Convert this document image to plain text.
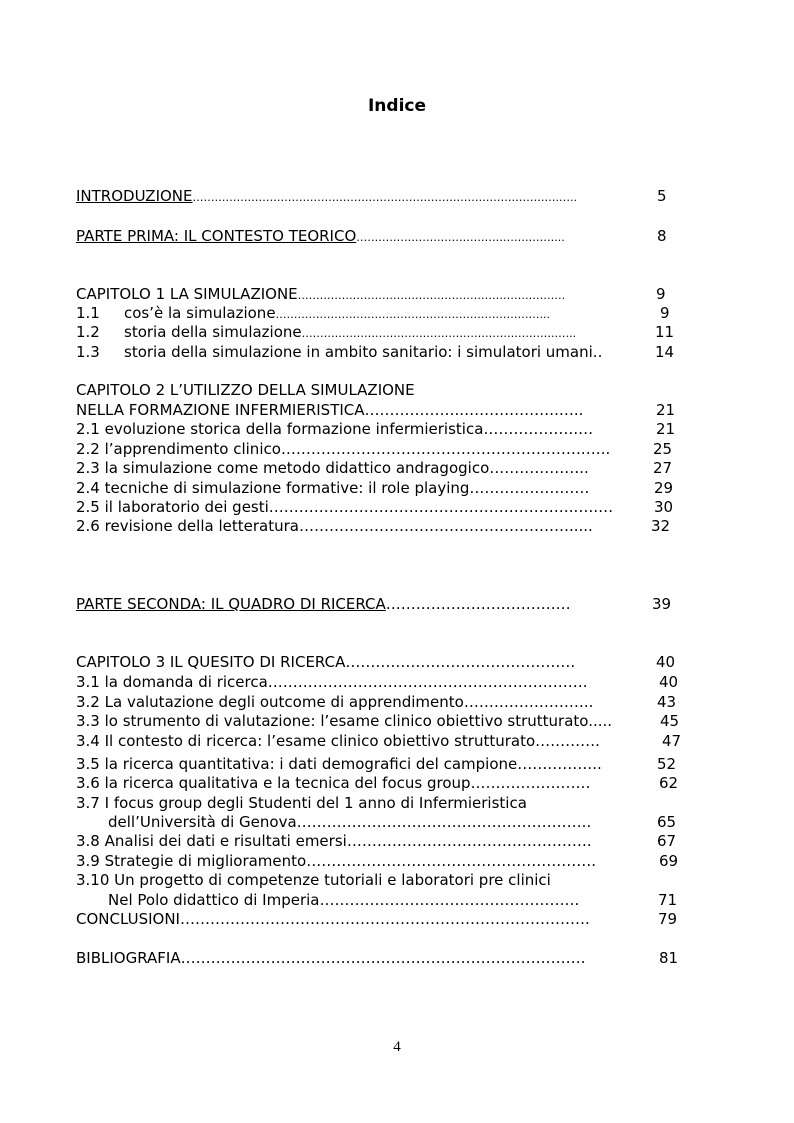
Indice
INTRODUZIONE……………………………………………………………………………………….…..	5
PARTE PRIMA: IL CONTESTO TEORICO………………………………………………...	8
CAPITOLO 1 LA SIMULAZIONE……………………………………………………………….	9
1.1 cos’è la simulazione………………………………………………………………...	9
1.2 storia della simulazione…………………………………………………………….…..	11
1.3 storia della simulazione in ambito sanitario: i simulatori umani..	14
CAPITOLO 2 L’UTILIZZO DELLA SIMULAZIONE
NELLA FORMAZIONE INFERMIERISTICA………………..……………….…..	21
2.1 evoluzione storica della formazione infermieristica……………….…	21
2.2 l’apprendimento clinico…………………………………………………….…..	25
2.3 la simulazione come metodo didattico andragogico………………..	27
2.4 tecniche di simulazione formative: il role playing……………………	29
2.5 il laboratorio dei gesti……………………………………………………..….…	30
2.6 revisione della letteratura……………………………………………….....	32
PARTE SECONDA: IL QUADRO DI RICERCA…………………………….…	39
CAPITOLO 3 IL QUESITO DI RICERCA……………………………………….	40
3.1 la domanda di ricerca……………………………………………………….	40
3.2 La valutazione degli outcome di apprendimento……………………..	43
3.3 lo strumento di valutazione: l’esame clinico obiettivo strutturato.....	45
3.4 Il contesto di ricerca: l’esame clinico obiettivo strutturato………….	47
3.5 la ricerca quantitativa: i dati demografici del campione……………..	52
3.6 la ricerca qualitativa e la tecnica del focus group……………………	62
3.7 I focus group degli Studenti del 1 anno di Infermieristica
dell’Università di Genova…………………………………………………..	65
3.8 Analisi dei dati e risultati emersi………………………………………….	67
3.9 Strategie di miglioramento………………………………………………….	69
3.10 Un progetto di competenze tutoriali e laboratori pre clinici
Nel Polo didattico di Imperia…………………………………………….	71
CONCLUSIONI……………………………………………………………………….	79
BIBLIOGRAFIA………………………………………………………………………	81
4
